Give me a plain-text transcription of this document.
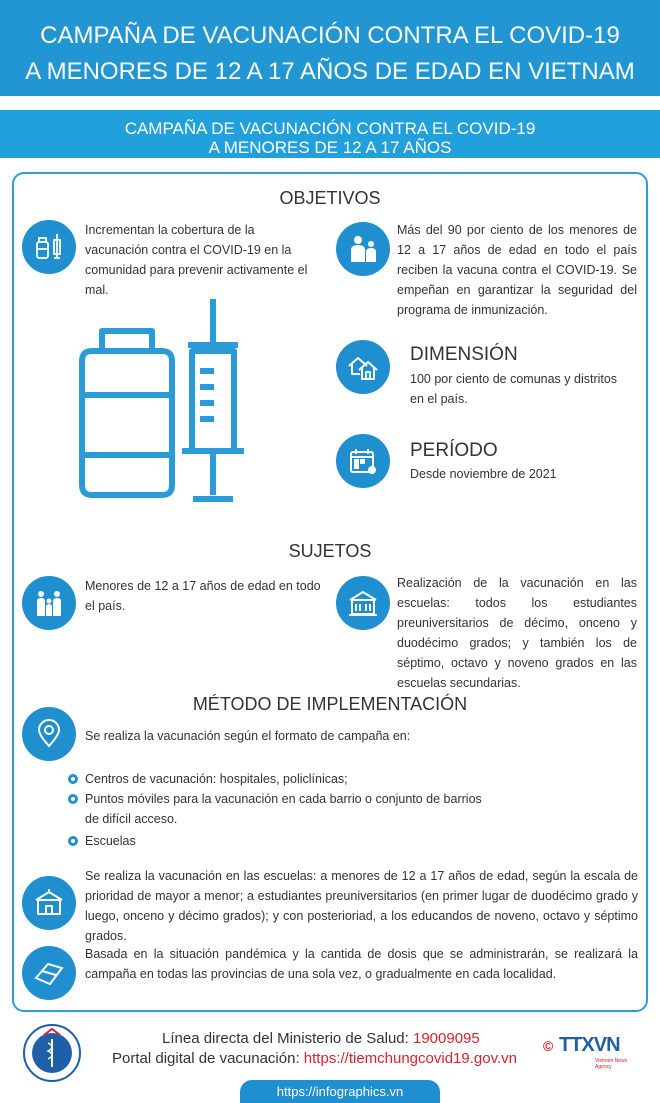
CAMPAÑA DE VACUNACIÓN CONTRA EL COVID-19
A MENORES DE 12 A 17 AÑOS DE EDAD EN VIETNAM
CAMPAÑA DE VACUNACIÓN CONTRA EL COVID-19
A MENORES DE 12 A 17 AÑOS
OBJETIVOS
Incrementan la cobertura de la vacunación contra el COVID-19 en la comunidad para prevenir activamente el mal.
Más del 90 por ciento de los menores de 12 a 17 años de edad en todo el país reciben la vacuna contra el COVID-19. Se empeñan en garantizar la seguridad del programa de inmunización.
DIMENSIÓN
100 por ciento de comunas y distritos en el país.
PERÍODO
Desde noviembre de 2021
SUJETOS
Menores de 12 a 17 años de edad en todo el país.
Realización de la vacunación en las escuelas: todos los estudiantes preuniversitarios de décimo, onceno y duodécimo grados; y también los de séptimo, octavo y noveno grados en las escuelas secundarias.
MÉTODO DE IMPLEMENTACIÓN
Se realiza la vacunación según el formato de campaña en:
Centros de vacunación: hospitales, policlínicas;
Puntos móviles para la vacunación en cada barrio o conjunto de barrios de difícil acceso.
Escuelas
Se realiza la vacunación en las escuelas: a menores de 12 a 17 años de edad, según la escala de prioridad de mayor a menor; a estudiantes preuniversitarios (en primer lugar de duodécimo grado y luego, onceno y décimo grados); y con posterioriad, a los educandos de noveno, octavo y séptimo grados.
Basada en la situación pandémica y la cantida de dosis que se administrarán, se realizará la campaña en todas las provincias de una sola vez, o gradualmente en cada localidad.
Línea directa del Ministerio de Salud: 19009095
Portal digital de vacunación: https://tiemchungcovid19.gov.vn
© TTXVN
Vietnam News Agency
https://infographics.vn
